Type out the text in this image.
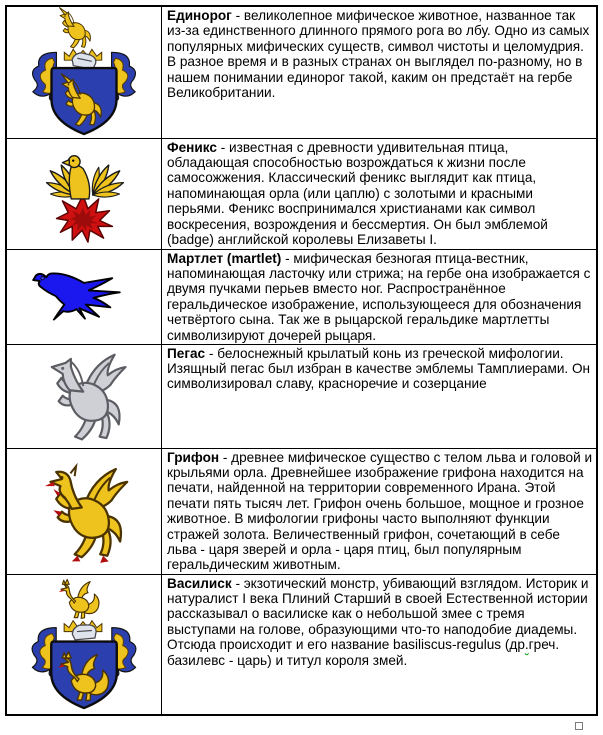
	Единорог - великолепное мифическое животное, названное так из-за единственного длинного прямого рога во лбу. Одно из самых популярных мифических существ, символ чистоты и целомудрия. В разное время и в разных странах он выглядел по-разному, но в нашем понимании единорог такой, каким он предстаёт на гербе Великобритании.

	Феникс - известная с древности удивительная птица, обладающая способностью возрождаться к жизни после самосожжения. Классический феникс выглядит как птица, напоминающая орла (или цаплю) с золотыми и красными перьями. Феникс воспринимался христианами как символ воскресения, возрождения и бессмертия. Он был эмблемой (badge) английской королевы Елизаветы I.

	Мартлет (martlet) - мифическая безногая птица-вестник, напоминающая ласточку или стрижа; на гербе она изображается с двумя пучками перьев вместо ног. Распространённое геральдическое изображение, использующееся для обозначения четвёртого сына. Так же в рыцарской геральдике мартлетты символизируют дочерей рыцаря.

	Пегас - белоснежный крылатый конь из греческой мифологии. Изящный пегас был избран в качестве эмблемы Тамплиерами. Он символизировал славу, красноречие и созерцание

	Грифон - древнее мифическое существо с телом льва и головой и крыльями орла. Древнейшее изображение грифона находится на печати, найденной на территории современного Ирана. Этой печати пять тысяч лет. Грифон очень большое, мощное и грозное животное. В мифологии грифоны часто выполняют функции стражей золота. Величественный грифон, сочетающий в себе льва - царя зверей и орла - царя птиц, был популярным геральдическим животным.

	Василиск - экзотический монстр, убивающий взглядом. Историк и натуралист I века Плиний Старший в своей Естественной истории рассказывал о василиске как о небольшой змее с тремя выступами на голове, образующими что-то наподобие диадемы. Отсюда происходит и его название basiliscus-regulus (др.греч. базилевс - царь) и титул короля змей.
